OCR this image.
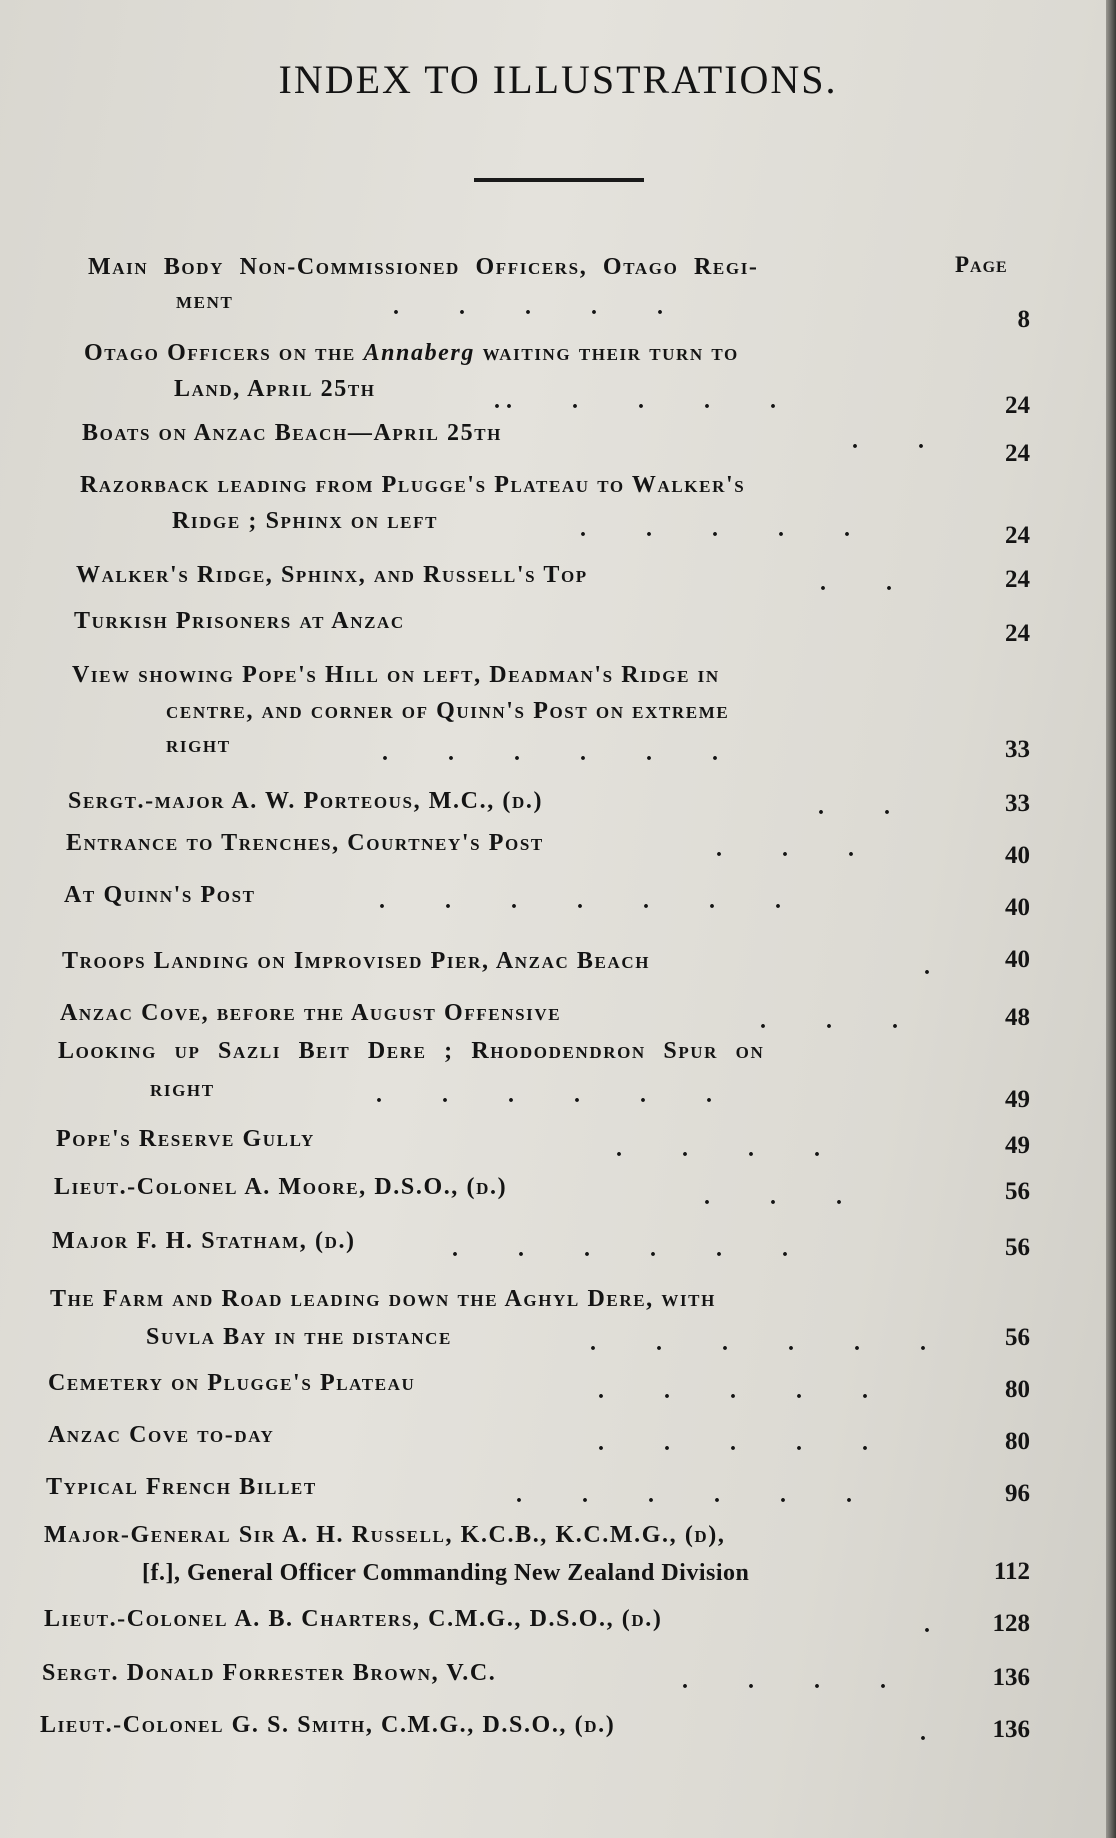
INDEX TO ILLUSTRATIONS.
Page
Main Body Non-Commissioned Officers, Otago Regi-
ment	.          .          .          .          .	8
Otago Officers on the Annaberg waiting their turn to
Land, April 25th	. .          .          .          .          .	24
Boats on Anzac Beach—April 25th	.          .	24
Razorback leading from Plugge's Plateau to Walker's
Ridge ; Sphinx on left	.          .          .          .          .	24
Walker's Ridge, Sphinx, and Russell's Top	.          .	24
Turkish Prisoners at Anzac	24
View showing Pope's Hill on left, Deadman's Ridge in
centre, and corner of Quinn's Post on extreme
right	.          .          .          .          .          .	33
Sergt.-major A. W. Porteous, M.C., (d.)	.          .	33
Entrance to Trenches, Courtney's Post	.          .          .	40
At Quinn's Post	.          .          .          .          .          .          .	40
Troops Landing on Improvised Pier, Anzac Beach	.	40
Anzac Cove, before the August Offensive	.          .          .	48
Looking up Sazli Beit Dere ; Rhododendron Spur on
right	.          .          .          .          .          .	49
Pope's Reserve Gully	.          .          .          .	49
Lieut.-Colonel A. Moore, D.S.O., (d.)	.          .          .	56
Major F. H. Statham, (d.)	.          .          .          .          .          .	56
The Farm and Road leading down the Aghyl Dere, with
Suvla Bay in the distance	.          .          .          .          .          .	56
Cemetery on Plugge's Plateau	.          .          .          .          .	80
Anzac Cove to-day	.          .          .          .          .	80
Typical French Billet	.          .          .          .          .          .	96
Major-General Sir A. H. Russell, K.C.B., K.C.M.G., (d),
[f.], General Officer Commanding New Zealand Division	112
Lieut.-Colonel A. B. Charters, C.M.G., D.S.O., (d.)	.	128
Sergt. Donald Forrester Brown, V.C.	.          .          .          .	136
Lieut.-Colonel G. S. Smith, C.M.G., D.S.O., (d.)	.	136
